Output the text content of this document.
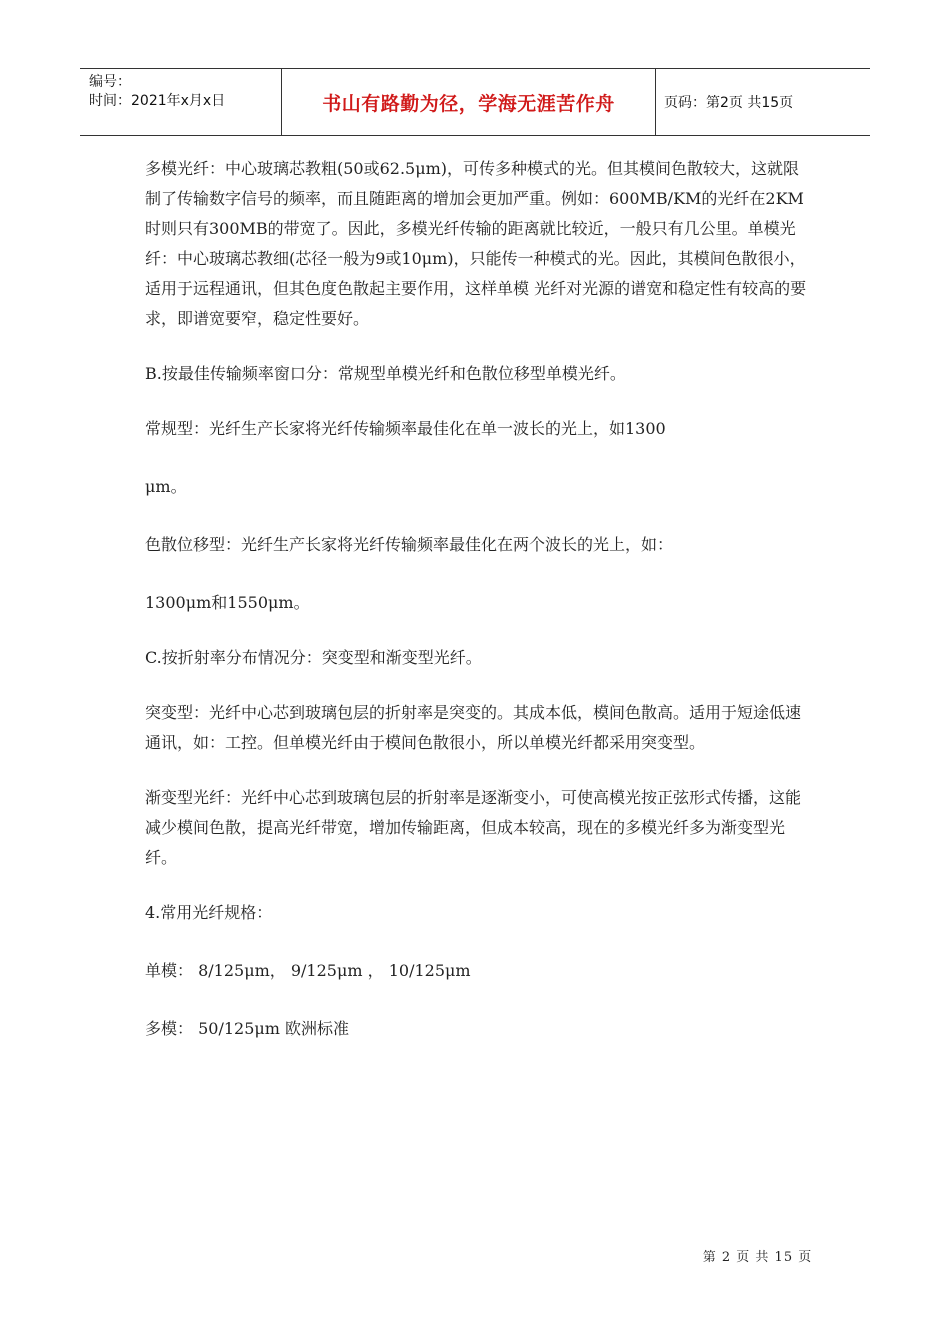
编号：
时间：2021年x月x日	书山有路勤为径，学海无涯苦作舟	页码：第2页 共15页

多模光纤：中心玻璃芯教粗(50或62.5μm)，可传多种模式的光。但其模间色散较大，这就限制了传输数字信号的频率，而且随距离的增加会更加严重。例如：600MB/KM的光纤在2KM时则只有300MB的带宽了。因此，多模光纤传输的距离就比较近，一般只有几公里。单模光纤：中心玻璃芯教细(芯径一般为9或10μm)，只能传一种模式的光。因此，其模间色散很小，适用于远程通讯，但其色度色散起主要作用，这样单模 光纤对光源的谱宽和稳定性有较高的要求，即谱宽要窄，稳定性要好。

B.按最佳传输频率窗口分：常规型单模光纤和色散位移型单模光纤。

常规型：光纤生产长家将光纤传输频率最佳化在单一波长的光上，如1300

μm。

色散位移型：光纤生产长家将光纤传输频率最佳化在两个波长的光上，如：

1300μm和1550μm。

C.按折射率分布情况分：突变型和渐变型光纤。

突变型：光纤中心芯到玻璃包层的折射率是突变的。其成本低，模间色散高。适用于短途低速通讯，如：工控。但单模光纤由于模间色散很小，所以单模光纤都采用突变型。

渐变型光纤：光纤中心芯到玻璃包层的折射率是逐渐变小，可使高模光按正弦形式传播，这能减少模间色散，提高光纤带宽，增加传输距离，但成本较高，现在的多模光纤多为渐变型光纤。

4.常用光纤规格：

单模： 8/125μm， 9/125μm ， 10/125μm

多模： 50/125μm 欧洲标准

第 2 页 共 15 页
